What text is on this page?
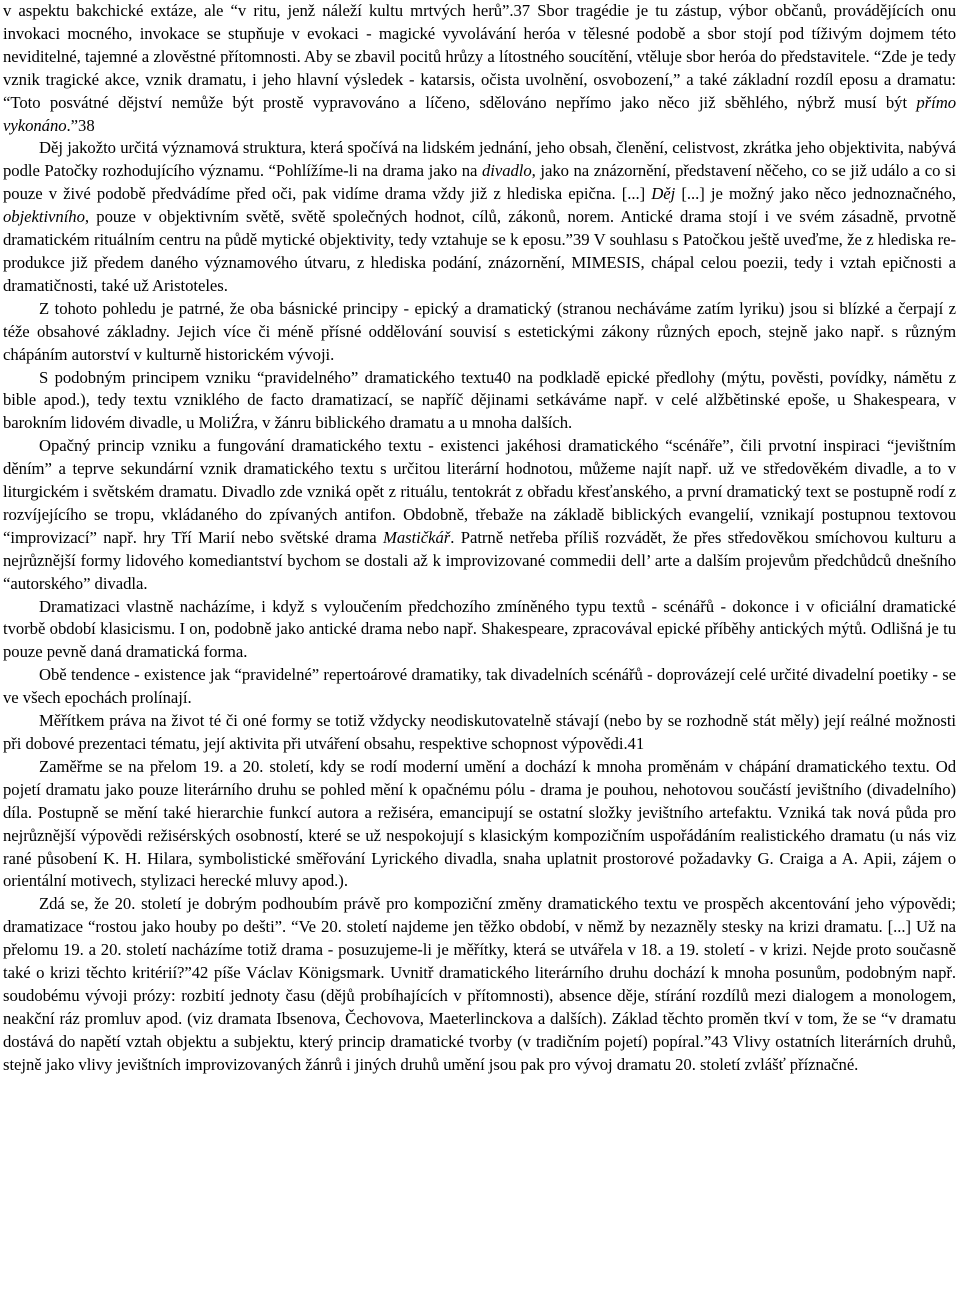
v aspektu bakchické extáze, ale “v ritu, jenž náleží kultu mrtvých herů”.37 Sbor tragédie je tu zástup, výbor občanů, provádějících onu invokaci mocného, invokace se stupňuje v evokaci - magické vyvolávání heróa v tělesné podobě a sbor stojí pod tíživým dojmem této neviditelné, tajemné a zlověstné přítomnosti. Aby se zbavil pocitů hrůzy a lítostného soucítění, vtěluje sbor heróa do představitele. “Zde je tedy vznik tragické akce, vznik dramatu, i jeho hlavní výsledek - katarsis, očista uvolnění, osvobození,” a také základní rozdíl eposu a dramatu: “Toto posvátné dějství nemůže být prostě vypravováno a líčeno, sdělováno nepřímo jako něco již sběhlého, nýbrž musí být přímo vykonáno.”38

Děj jakožto určitá významová struktura, která spočívá na lidském jednání, jeho obsah, členění, celistvost, zkrátka jeho objektivita, nabývá podle Patočky rozhodujícího významu. “Pohlížíme-li na drama jako na divadlo, jako na znázornění, představení něčeho, co se již událo a co si pouze v živé podobě předvádíme před oči, pak vidíme drama vždy již z hlediska epična. [...] Děj [...] je možný jako něco jednoznačného, objektivního, pouze v objektivním světě, světě společných hodnot, cílů, zákonů, norem. Antické drama stojí i ve svém zásadně, prvotně dramatickém rituálním centru na půdě mytické objektivity, tedy vztahuje se k eposu.”39 V souhlasu s Patočkou ještě uveďme, že z hlediska re-produkce již předem daného významového útvaru, z hlediska podání, znázornění, MIMESIS, chápal celou poezii, tedy i vztah epičnosti a dramatičnosti, také už Aristoteles.

Z tohoto pohledu je patrné, že oba básnické principy - epický a dramatický (stranou necháváme zatím lyriku) jsou si blízké a čerpají z téže obsahové základny. Jejich více či méně přísné oddělování souvisí s estetickými zákony různých epoch, stejně jako např. s různým chápáním autorství v kulturně historickém vývoji.

S podobným principem vzniku “pravidelného” dramatického textu40 na podkladě epické předlohy (mýtu, pověsti, povídky, námětu z bible apod.), tedy textu vzniklého de facto dramatizací, se napříč dějinami setkáváme např. v celé alžbětinské epoše, u Shakespeara, v barokním lidovém divadle, u MoliŹra, v žánru biblického dramatu a u mnoha dalších.

Opačný princip vzniku a fungování dramatického textu - existenci jakéhosi dramatického “scénáře”, čili prvotní inspiraci “jevištním děním” a teprve sekundární vznik dramatického textu s určitou literární hodnotou, můžeme najít např. už ve středověkém divadle, a to v liturgickém i světském dramatu. Divadlo zde vzniká opět z rituálu, tentokrát z obřadu křesťanského, a první dramatický text se postupně rodí z rozvíjejícího se tropu, vkládaného do zpívaných antifon. Obdobně, třebaže na základě biblických evangelií, vznikají postupnou textovou “improvizací” např. hry Tří Marií nebo světské drama Mastičkář. Patrně netřeba příliš rozvádět, že přes středověkou smíchovou kulturu a nejrůznější formy lidového komediantství bychom se dostali až k improvizované commedii dell’ arte a dalším projevům předchůdců dnešního “autorského” divadla.

Dramatizaci vlastně nacházíme, i když s vyloučením předchozího zmíněného typu textů - scénářů - dokonce i v oficiální dramatické tvorbě období klasicismu. I on, podobně jako antické drama nebo např. Shakespeare, zpracovával epické příběhy antických mýtů. Odlišná je tu pouze pevně daná dramatická forma.

Obě tendence - existence jak “pravidelné” repertoárové dramatiky, tak divadelních scénářů - doprovázejí celé určité divadelní poetiky - se ve všech epochách prolínají.

Měřítkem práva na život té či oné formy se totiž vždycky neodiskutovatelně stávají (nebo by se rozhodně stát měly) její reálné možnosti při dobové prezentaci tématu, její aktivita při utváření obsahu, respektive schopnost výpovědi.41

Zaměřme se na přelom 19. a 20. století, kdy se rodí moderní umění a dochází k mnoha proměnám v chápání dramatického textu. Od pojetí dramatu jako pouze literárního druhu se pohled mění k opačnému pólu - drama je pouhou, nehotovou součástí jevištního (divadelního) díla. Postupně se mění také hierarchie funkcí autora a režiséra, emancipují se ostatní složky jevištního artefaktu. Vzniká tak nová půda pro nejrůznější výpovědi režisérských osobností, které se už nespokojují s klasickým kompozičním uspořádáním realistického dramatu (u nás viz rané působení K. H. Hilara, symbolistické směřování Lyrického divadla, snaha uplatnit prostorové požadavky G. Craiga a A. Apii, zájem o orientální motivech, stylizaci herecké mluvy apod.).

Zdá se, že 20. století je dobrým podhoubím právě pro kompoziční změny dramatického textu ve prospěch akcentování jeho výpovědi; dramatizace “rostou jako houby po dešti”. “Ve 20. století najdeme jen těžko období, v němž by nezazněly stesky na krizi dramatu. [...] Už na přelomu 19. a 20. století nacházíme totiž drama - posuzujeme-li je měřítky, která se utvářela v 18. a 19. století - v krizi. Nejde proto současně také o krizi těchto kritérií?”42 píše Václav Königsmark. Uvnitř dramatického literárního druhu dochází k mnoha posunům, podobným např. soudobému vývoji prózy: rozbití jednoty času (dějů probíhajících v přítomnosti), absence děje, stírání rozdílů mezi dialogem a monologem, neakční ráz promluv apod. (viz dramata Ibsenova, Čechovova, Maeterlinckova a dalších). Základ těchto proměn tkví v tom, že se “v dramatu dostává do napětí vztah objektu a subjektu, který princip dramatické tvorby (v tradičním pojetí) popíral.”43 Vlivy ostatních literárních druhů, stejně jako vlivy jevištních improvizovaných žánrů i jiných druhů umění jsou pak pro vývoj dramatu 20. století zvlášť příznačné.
